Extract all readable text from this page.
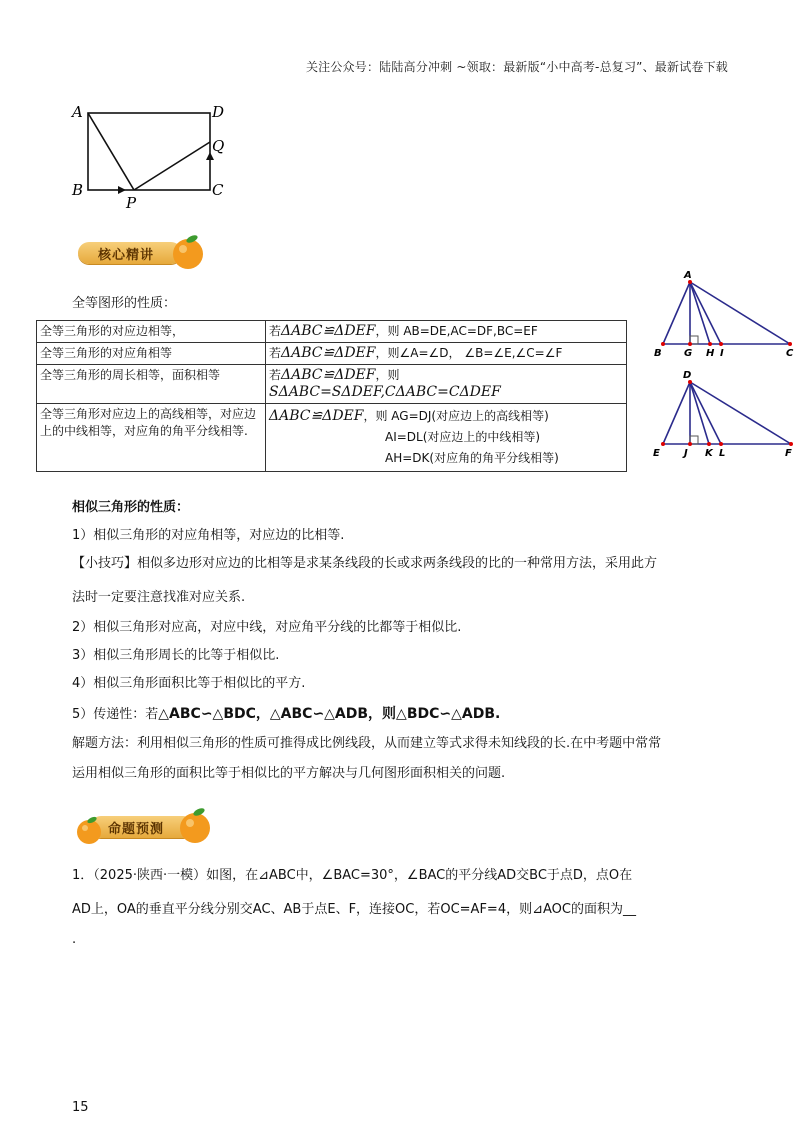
关注公众号：陆陆高分冲刺 ~领取：最新版“小中高考-总复习”、最新试卷下载
A	D
Q
B
P
C
核心精讲
全等图形的性质：
全等三角形的对应边相等，	若ΔABC≌ΔDEF，则 AB=DE,AC=DF,BC=EF
全等三角形的对应角相等	若ΔABC≌ΔDEF，则∠A=∠D， ∠B=∠E,∠C=∠F
全等三角形的周长相等，面积相等	若ΔABC≌ΔDEF，则 SΔABC=SΔDEF,CΔABC=CΔDEF
全等三角形对应边上的高线相等，对应边上的中线相等，对应角的角平分线相等.	ΔABC≌ΔDEF，则 AG=DJ(对应边上的高线相等)
AI=DL(对应边上的中线相等)
AH=DK(对应角的角平分线相等)
A
B G H I	C
D
E J K L	F
相似三角形的性质：
1）相似三角形的对应角相等，对应边的比相等.
【小技巧】相似多边形对应边的比相等是求某条线段的长或求两条线段的比的一种常用方法，采用此方
法时一定要注意找准对应关系.
2）相似三角形对应高，对应中线，对应角平分线的比都等于相似比.
3）相似三角形周长的比等于相似比.
4）相似三角形面积比等于相似比的平方.
5）传递性：若△ABC∽△BDC，△ABC∽△ADB，则△BDC∽△ADB.
解题方法：利用相似三角形的性质可推得成比例线段，从而建立等式求得未知线段的长.在中考题中常常
运用相似三角形的面积比等于相似比的平方解决与几何图形面积相关的问题.
命题预测
1．（2025·陕西·一模）如图，在⊿ABC中，∠BAC=30°，∠BAC的平分线AD交BC于点D，点O在
AD上，OA的垂直平分线分别交AC、AB于点E、F，连接OC，若OC=AF=4，则⊿AOC的面积为__
.
15
